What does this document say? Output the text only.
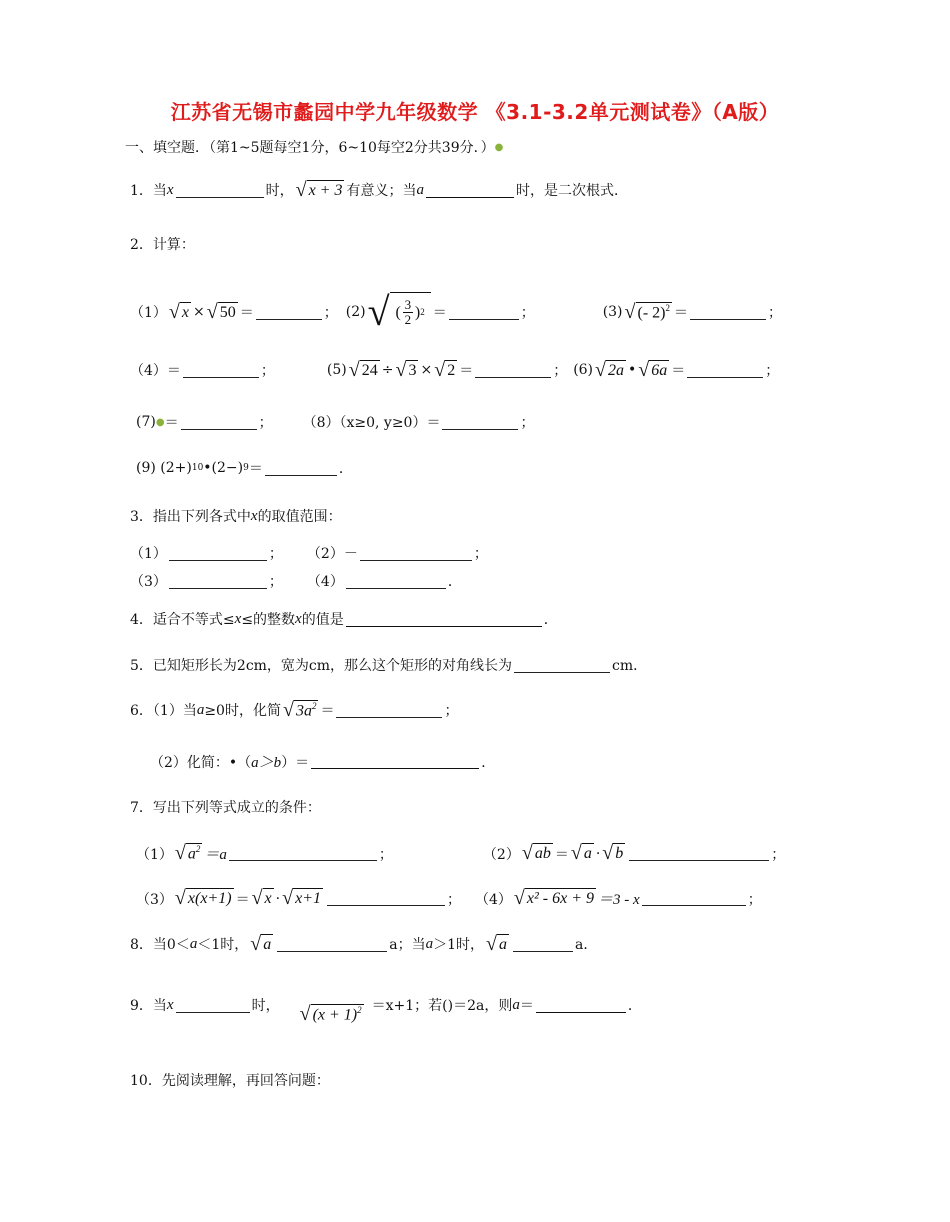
江苏省无锡市蠡园中学九年级数学 《3.1-3.2单元测试卷》（A版）
一、填空题．（第1~5题每空1分，6~10每空2分共39分．） ●
1．当 x	时， √ x + 3 有意义；当 a	时，是二次根式．
2．计算：
（1） √ x × √ 50 ＝	； (2) √ ( $\frac{3}{2}$ ) 2 ＝	；	(3) √ (- 2)$^2$ ＝	；
（4）＝	；	(5) √ 24 ÷ √ 3 × √ 2 ＝	； (6) √ 2a • √ 6a ＝	；
(7) ● ＝	； （8）（x≥0, y≥0）＝	；
(9) (2+) 10 •(2−) 9 ＝	．
3．指出下列各式中 x 的取值范围：
（1）	； （2）－	；
（3）	； （4）	．
4．适合不等式≤ x ≤的整数 x 的值是	．
5．已知矩形长为2cm，宽为cm，那么这个矩形的对角线长为	cm．
6．（1）当 a ≥0时，化简 √ $3a^2$ ＝	；
（2）化简：•（ a＞b ）＝	．
7．写出下列等式成立的条件：
（1） √ $a^2 =a$	；	（2） √ ab ＝ √ a · √ b	；
（3） √ x(x+1) ＝ √ x · √ x+1	； （4） √ x² - 6x + 9 ＝3 - x	；
8．当0＜ a ＜1时， √ a	a；当 a ＞1时， √ a	a．
9．当 x	时， √ $(x + 1)^2 =x+1$；若()＝2a，则 a ＝	．
10．先阅读理解，再回答问题：
